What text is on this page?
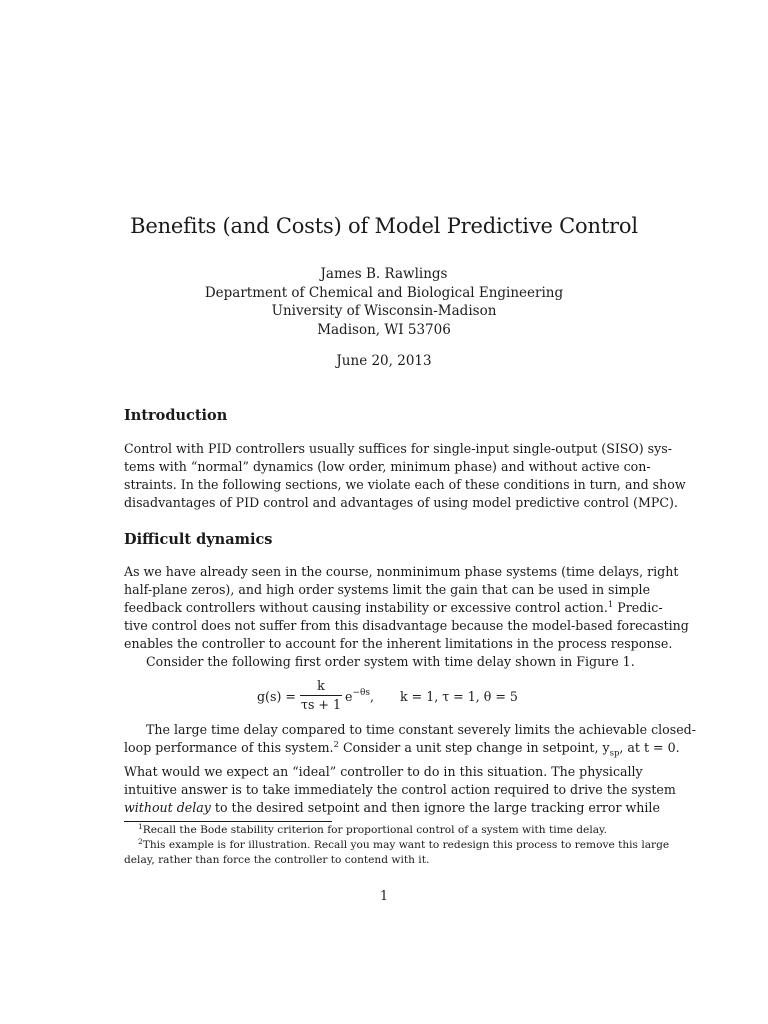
Benefits (and Costs) of Model Predictive Control
James B. Rawlings
Department of Chemical and Biological Engineering
University of Wisconsin-Madison
Madison, WI 53706
June 20, 2013
Introduction
Control with PID controllers usually suffices for single-input single-output (SISO) sys-
tems with “normal” dynamics (low order, minimum phase) and without active con-
straints. In the following sections, we violate each of these conditions in turn, and show
disadvantages of PID control and advantages of using model predictive control (MPC).
Difficult dynamics
As we have already seen in the course, nonminimum phase systems (time delays, right
half-plane zeros), and high order systems limit the gain that can be used in simple
feedback controllers without causing instability or excessive control action.$^1$ Predic-
tive control does not suffer from this disadvantage because the model-based forecasting
enables the controller to account for the inherent limitations in the process response.
Consider the following first order system with time delay shown in Figure 1.
g(s) =
k
τs + 1
$e^{-\theta s}$, k = 1, τ = 1, θ = 5
The large time delay compared to time constant severely limits the achievable closed-
loop performance of this system.$^2$ Consider a unit step change in setpoint, $y_{sp}$, at t = 0.
What would we expect an “ideal” controller to do in this situation. The physically
intuitive answer is to take immediately the control action required to drive the system
without delay to the desired setpoint and then ignore the large tracking error while
$^1$Recall the Bode stability criterion for proportional control of a system with time delay.
$^2$This example is for illustration. Recall you may want to redesign this process to remove this large
delay, rather than force the controller to contend with it.
1
